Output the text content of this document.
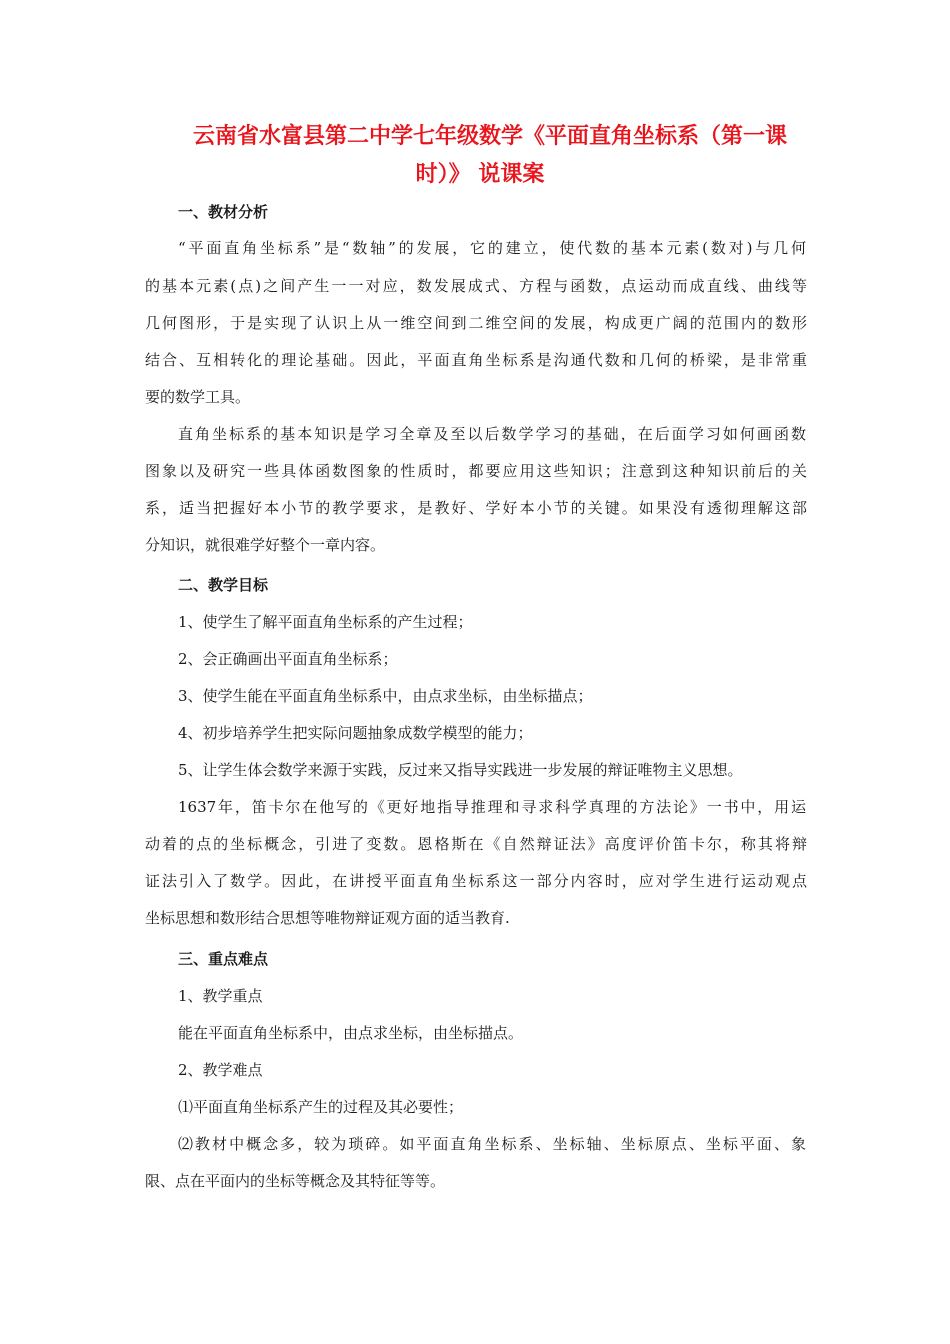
云南省水富县第二中学七年级数学《平面直角坐标系（第一课
时）》 说课案
一、教材分析
“平面直角坐标系”是“数轴”的发展，它的建立，使代数的基本元素(数对)与几何
的基本元素(点)之间产生一一对应，数发展成式、方程与函数，点运动而成直线、曲线等
几何图形，于是实现了认识上从一维空间到二维空间的发展，构成更广阔的范围内的数形
结合、互相转化的理论基础。因此，平面直角坐标系是沟通代数和几何的桥梁，是非常重
要的数学工具。
直角坐标系的基本知识是学习全章及至以后数学学习的基础，在后面学习如何画函数
图象以及研究一些具体函数图象的性质时，都要应用这些知识；注意到这种知识前后的关
系，适当把握好本小节的教学要求，是教好、学好本小节的关键。如果没有透彻理解这部
分知识，就很难学好整个一章内容。
二、教学目标
1、使学生了解平面直角坐标系的产生过程；
2、会正确画出平面直角坐标系；
3、使学生能在平面直角坐标系中，由点求坐标，由坐标描点；
4、初步培养学生把实际问题抽象成数学模型的能力；
5、让学生体会数学来源于实践，反过来又指导实践进一步发展的辩证唯物主义思想。
1637年，笛卡尔在他写的《更好地指导推理和寻求科学真理的方法论》一书中，用运
动着的点的坐标概念，引进了变数。恩格斯在《自然辩证法》高度评价笛卡尔，称其将辩
证法引入了数学。因此，在讲授平面直角坐标系这一部分内容时，应对学生进行运动观点
坐标思想和数形结合思想等唯物辩证观方面的适当教育.
三、重点难点
1、教学重点
能在平面直角坐标系中，由点求坐标，由坐标描点。
2、教学难点
⑴平面直角坐标系产生的过程及其必要性；
⑵教材中概念多，较为琐碎。如平面直角坐标系、坐标轴、坐标原点、坐标平面、象
限、点在平面内的坐标等概念及其特征等等。
